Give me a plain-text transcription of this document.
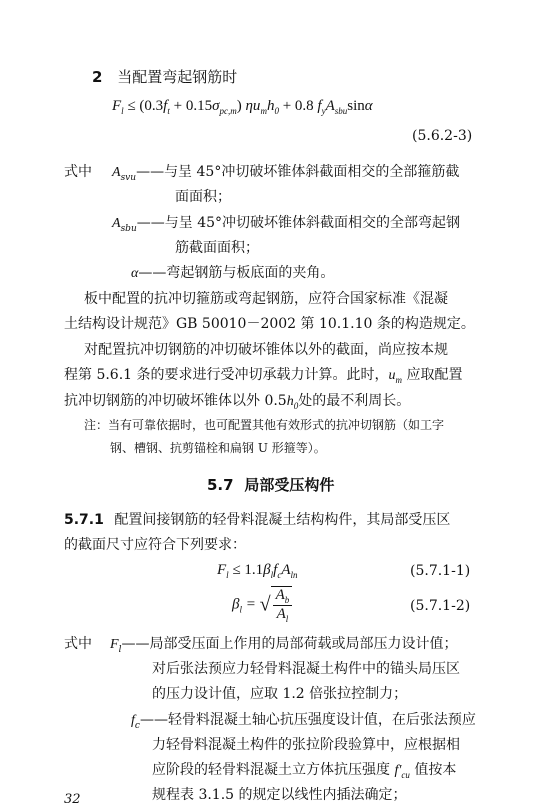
2 当配置弯起钢筋时
$F_l \le (0.3f_t + 0.15\sigma_{pc,m}) \eta u_mh_0 + 0.8$ $f_yA_{sbu}\sin\alpha$
(5.6.2-3)
式中 $A_{svu}——$与呈 45°冲切破坏锥体斜截面相交的全部箍筋截
面面积；
$A_{sbu}——$与呈 45°冲切破坏锥体斜截面相交的全部弯起钢
筋截面面积；
α——弯起钢筋与板底面的夹角。
板中配置的抗冲切箍筋或弯起钢筋，应符合国家标准《混凝
土结构设计规范》GB 50010－2002 第 10.1.10 条的构造规定。
对配置抗冲切钢筋的冲切破坏锥体以外的截面，尚应按本规
程第 5.6.1 条的要求进行受冲切承载力计算。此时，$u_m$ 应取配置
抗冲切钢筋的冲切破坏锥体以外 $0.5h_0$处的最不利周长。
注：当有可靠依据时，也可配置其他有效形式的抗冲切钢筋（如工字
钢、槽钢、抗剪锚栓和扁钢 U 形箍等）。
5.7 局部受压构件
5.7.1 配置间接钢筋的轻骨料混凝土结构构件，其局部受压区
的截面尺寸应符合下列要求：
$F_l \le 1.1\beta_lf_cA_{ln}$	(5.7.1-1)
$\beta_l$ = √ $\frac{A_b}{A_l}$	(5.7.1-2)
式中 $F_l——$局部受压面上作用的局部荷载或局部压力设计值；
对后张法预应力轻骨料混凝土构件中的锚头局压区
的压力设计值，应取 1.2 倍张拉控制力；
$f_c——$轻骨料混凝土轴心抗压强度设计值，在后张法预应
力轻骨料混凝土构件的张拉阶段验算中，应根据相
应阶段的轻骨料混凝土立方体抗压强度 $f'_{cu}$ 值按本
规程表 3.1.5 的规定以线性内插法确定；
32
